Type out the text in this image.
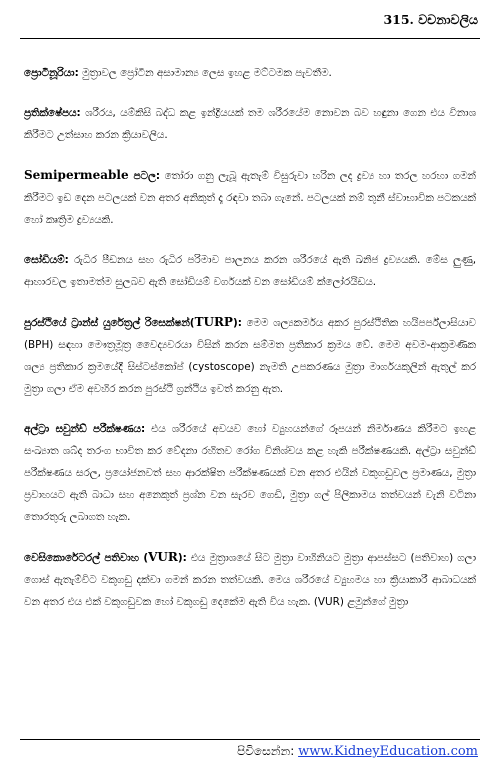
315. වචනාවලිය

ප්‍රොටීනූරියා: මුත්‍රාවල ප්‍රෝටීන අසාමාන්‍ය ලෙස ඉහළ මට්ටමක පැවතීම.

ප්‍රතික්ෂේපය: ශරීරය, යම්කිසි බද්ධ කළ ඉන්ද්‍රියයක් තම ශරීරයේම නොවන බව හඳුනා ගෙන එය විනාශ කිරීමට උත්සාහ කරන ක්‍රියාවලිය.

Semipermeable පටල: තෝරා ගනු ලැබූ ඇතැම් විසුරුවා හරින ලද ද්‍රව්‍ය හා තරල හරහා ගමන් කිරීමට ඉඩ දෙන පටලයක් වන අතර අනිකුත් දෑ රඳවා තබා ගැනේ. පටලයක් නම් තුනී ස්වාභාවික පටකයක් හෝ කෘත්‍රිම ද්‍රව්‍යයකි.

සෝඩියම්: රුධිර පීඩනය සහ රුධිර පරිමාව පාලනය කරන ශරීරයේ ඇති ඛනිජ ද්‍රව්‍යයකි. මේස ලුණු, ආහාරවල ඉතාමත්ම සුලබව ඇති සෝඩියම් වර්ගයක් වන සෝඩියම් ක්ලෝරයිඩය.

පුරස්ථියේ ට්‍රාන්ස් යුරේත්‍රල් රිසෙක්ෂන්(TURP): මෙම ශල්‍යකර්මය අකර පුරස්ථිතික හයිපර්ප්ලාසියාව (BPH) සඳහා මෞත්‍රමූත්‍ර වෛද්‍යවරයා විසින් කරන සම්මත ප්‍රතිකාර ක්‍රමය වේ. මෙම අවම-ආක්‍රමණික ශල්‍ය ප්‍රතිකාර ක්‍රමයේදී සිස්ටස්කෝප් (cystoscope) නැමති උපකරණය මුත්‍රා මාර්ගයකුලින් ඇතුල් කර මුත්‍රා ගලා ඒම අවහිර කරන පුරස්ථි ග්‍රන්ථිය ඉවත් කරනු ඇත.

අල්ට්‍රා සවුන්ඩ් පරීක්ෂණය: එය ශරීරයේ අවයව හෝ ව්‍යුහයන්ගේ රූපයන් නිර්මාණය කිරීමට ඉහළ සංඛ්‍යාත ශබ්ද තරංග භාවිත කර වේදනා රහිතව රෝග විනිශ්චය කළ හැකි පරීක්ෂණයකි. අල්ට්‍රා සවුන්ඩ් පරීක්ෂණය සරල, ප්‍රයෝජනවත් සහ ආරක්ෂිත පරීක්ෂණයක් වන අතර එයින් වකුගඩුවල ප්‍රමාණය, මුත්‍රා ප්‍රවාහයට ඇති බාධා සහ අනෙකුත් ප්‍රශ්න වන සැරව ගෙඩි, මුත්‍රා ගල් පිලිකාමය තත්වයන් වැනි වටිනා තොරතුරු ලබාගත හැක.

වෙසිකොරේටරල් පතිවාහ (VUR): එය මුත්‍රාශයේ සිට මුත්‍රා වාහිනියට මුත්‍රා ආපස්සට (පතිවාහ) ගලා ගොස් ඇතැම්විට වකුගඩු දක්වා ගමන් කරන තත්වයකි. මෙය ශරීරයේ ව්‍යුහමය හා ක්‍රියාකාරී ආබාධයක් වන අතර එය එක් වකුගඩුවක හෝ වකුගඩු දෙකේම ඇති විය හැක. (VUR) ළමුන්ගේ මුත්‍රා

පිවිසෙන්න: www.KidneyEducation.com
